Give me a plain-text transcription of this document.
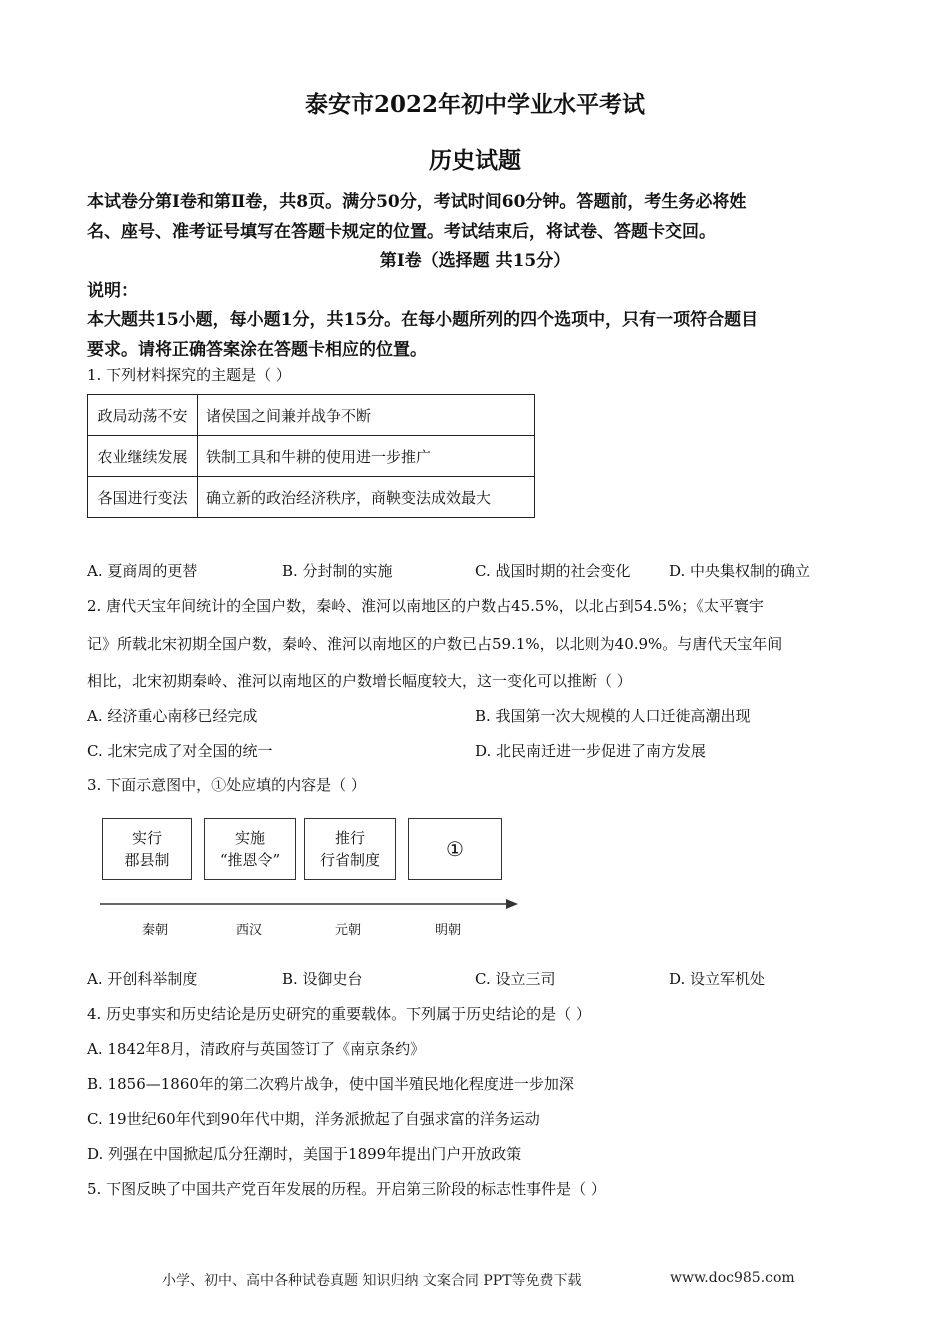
泰安市2022年初中学业水平考试
历史试题
本试卷分第Ⅰ卷和第Ⅱ卷，共8页。满分50分，考试时间60分钟。答题前，考生务必将姓
名、座号、准考证号填写在答题卡规定的位置。考试结束后，将试卷、答题卡交回。
第Ⅰ卷（选择题 共15分）
说明：
本大题共15小题，每小题1分，共15分。在每小题所列的四个选项中，只有一项符合题目
要求。请将正确答案涂在答题卡相应的位置。
1. 下列材料探究的主题是（ ）
政局动荡不安	诸侯国之间兼并战争不断
农业继续发展	铁制工具和牛耕的使用进一步推广
各国进行变法	确立新的政治经济秩序，商鞅变法成效最大
A. 夏商周的更替	B. 分封制的实施	C. 战国时期的社会变化	D. 中央集权制的确立
2. 唐代天宝年间统计的全国户数，秦岭、淮河以南地区的户数占45.5%，以北占到54.5%；《太平寰宇
记》所载北宋初期全国户数，秦岭、淮河以南地区的户数已占59.1%，以北则为40.9%。与唐代天宝年间
相比，北宋初期秦岭、淮河以南地区的户数增长幅度较大，这一变化可以推断（ ）
A. 经济重心南移已经完成	B. 我国第一次大规模的人口迁徙高潮出现
C. 北宋完成了对全国的统一	D. 北民南迁进一步促进了南方发展
3. 下面示意图中，①处应填的内容是（ ）
实行
郡县制
实施
“推恩令”
推行
行省制度	①
秦朝	西汉	元朝	明朝
A. 开创科举制度	B. 设御史台	C. 设立三司	D. 设立军机处
4. 历史事实和历史结论是历史研究的重要载体。下列属于历史结论的是（ ）
A. 1842年8月，清政府与英国签订了《南京条约》
B. 1856—1860年的第二次鸦片战争，使中国半殖民地化程度进一步加深
C. 19世纪60年代到90年代中期，洋务派掀起了自强求富的洋务运动
D. 列强在中国掀起瓜分狂潮时，美国于1899年提出门户开放政策
5. 下图反映了中国共产党百年发展的历程。开启第三阶段的标志性事件是（ ）
小学、初中、高中各种试卷真题 知识归纳 文案合同 PPT等免费下载	www.doc985.com
